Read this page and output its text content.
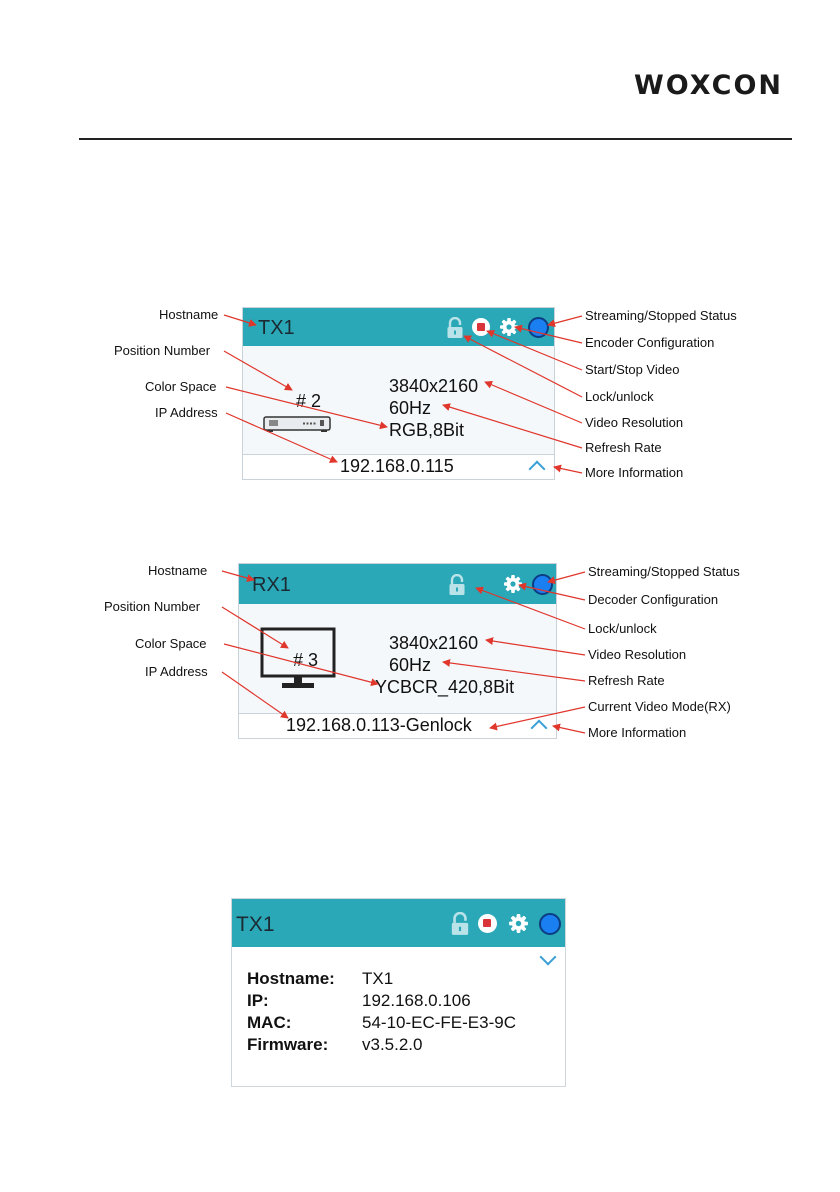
WOXCON
TX1
# 2
3840x2160
60Hz
RGB,8Bit
192.168.0.115
Hostname
Position Number
Color Space
IP Address
Streaming/Stopped Status
Encoder Configuration
Start/Stop Video
Lock/unlock
Video Resolution
Refresh Rate
More Information
RX1
# 3
3840x2160
60Hz
YCBCR_420,8Bit
192.168.0.113-Genlock
Hostname
Position Number
Color Space
IP Address
Streaming/Stopped Status
Decoder Configuration
Lock/unlock
Video Resolution
Refresh Rate
Current Video Mode(RX)
More Information
TX1
Hostname: TX1
IP:	192.168.0.106
MAC:	54-10-EC-FE-E3-9C
Firmware: v3.5.2.0
